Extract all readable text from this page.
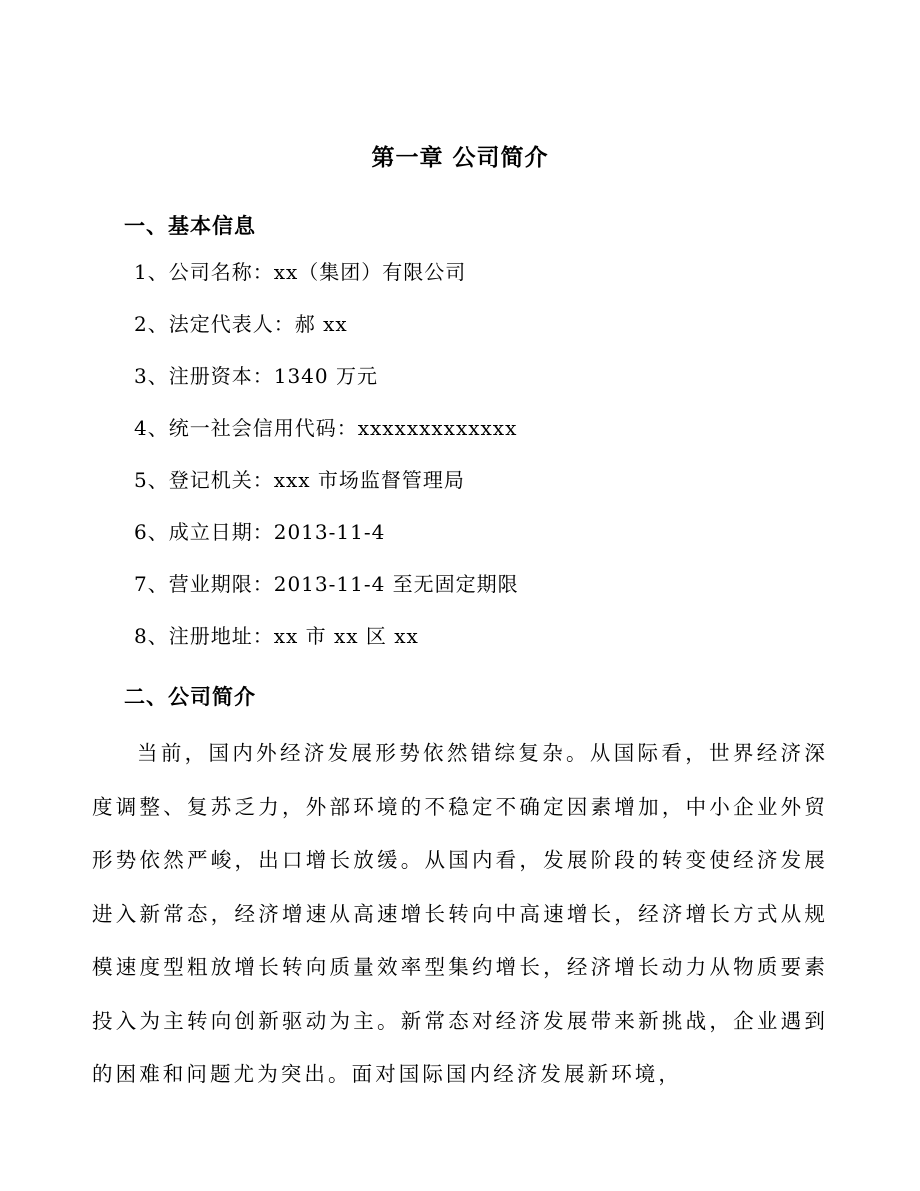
第一章 公司简介
一、基本信息
1、公司名称：xx（集团）有限公司
2、法定代表人：郝 xx
3、注册资本：1340 万元
4、统一社会信用代码：xxxxxxxxxxxxx
5、登记机关：xxx 市场监督管理局
6、成立日期：2013-11-4
7、营业期限：2013-11-4 至无固定期限
8、注册地址：xx 市 xx 区 xx
二、公司简介

当前，国内外经济发展形势依然错综复杂。从国际看，世界经济深度调整、复苏乏力，外部环境的不稳定不确定因素增加，中小企业外贸形势依然严峻，出口增长放缓。从国内看，发展阶段的转变使经济发展进入新常态，经济增速从高速增长转向中高速增长，经济增长方式从规模速度型粗放增长转向质量效率型集约增长，经济增长动力从物质要素投入为主转向创新驱动为主。新常态对经济发展带来新挑战，企业遇到的困难和问题尤为突出。面对国际国内经济发展新环境，
